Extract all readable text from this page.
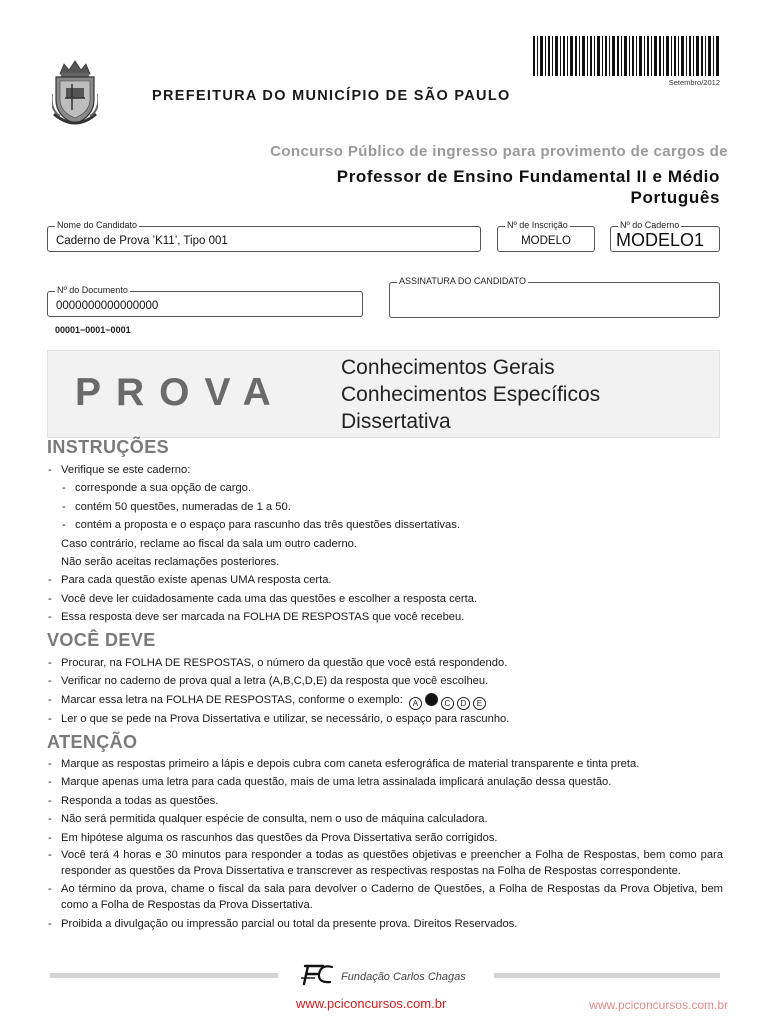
PREFEITURA DO MUNICÍPIO DE SÃO PAULO
Setembro/2012
Concurso Público de ingresso para provimento de cargos de
Professor de Ensino Fundamental II e Médio
Português
Nome do Candidato
Caderno de Prova ’K11’, Tipo 001
Nº de Inscrição
MODELO
Nº do Caderno
MODELO1
Nº do Documento
0000000000000000
ASSINATURA DO CANDIDATO
00001−0001−0001
PROVA
Conhecimentos Gerais
Conhecimentos Específicos
Dissertativa
INSTRUÇÕES
- Verifique se este caderno:
- corresponde a sua opção de cargo.
- contém 50 questões, numeradas de 1 a 50.
- contém a proposta e o espaço para rascunho das três questões dissertativas.
Caso contrário, reclame ao fiscal da sala um outro caderno.
Não serão aceitas reclamações posteriores.
- Para cada questão existe apenas UMA resposta certa.
- Você deve ler cuidadosamente cada uma das questões e escolher a resposta certa.
- Essa resposta deve ser marcada na FOLHA DE RESPOSTAS que você recebeu.
VOCÊ DEVE
- Procurar, na FOLHA DE RESPOSTAS, o número da questão que você está respondendo.
- Verificar no caderno de prova qual a letra (A,B,C,D,E) da resposta que você escolheu.
- Marcar essa letra na FOLHA DE RESPOSTAS, conforme o exemplo: A	C D E
- Ler o que se pede na Prova Dissertativa e utilizar, se necessário, o espaço para rascunho.
ATENÇÃO
- Marque as respostas primeiro a lápis e depois cubra com caneta esferográfica de material transparente e tinta preta.
- Marque apenas uma letra para cada questão, mais de uma letra assinalada implicará anulação dessa questão.
- Responda a todas as questões.
- Não será permitida qualquer espécie de consulta, nem o uso de máquina calculadora.
- Em hipótese alguma os rascunhos das questões da Prova Dissertativa serão corrigidos.
- Você terá 4 horas e 30 minutos para responder a todas as questões objetivas e preencher a Folha de Respostas, bem como para responder as questões da Prova Dissertativa e transcrever as respectivas respostas na Folha de Respostas correspondente.
- Ao término da prova, chame o fiscal da sala para devolver o Caderno de Questões, a Folha de Respostas da Prova Objetiva, bem como a Folha de Respostas da Prova Dissertativa.
- Proibida a divulgação ou impressão parcial ou total da presente prova. Direitos Reservados.
Fundação Carlos Chagas
www.pciconcursos.com.br	www.pciconcursos.com.br
